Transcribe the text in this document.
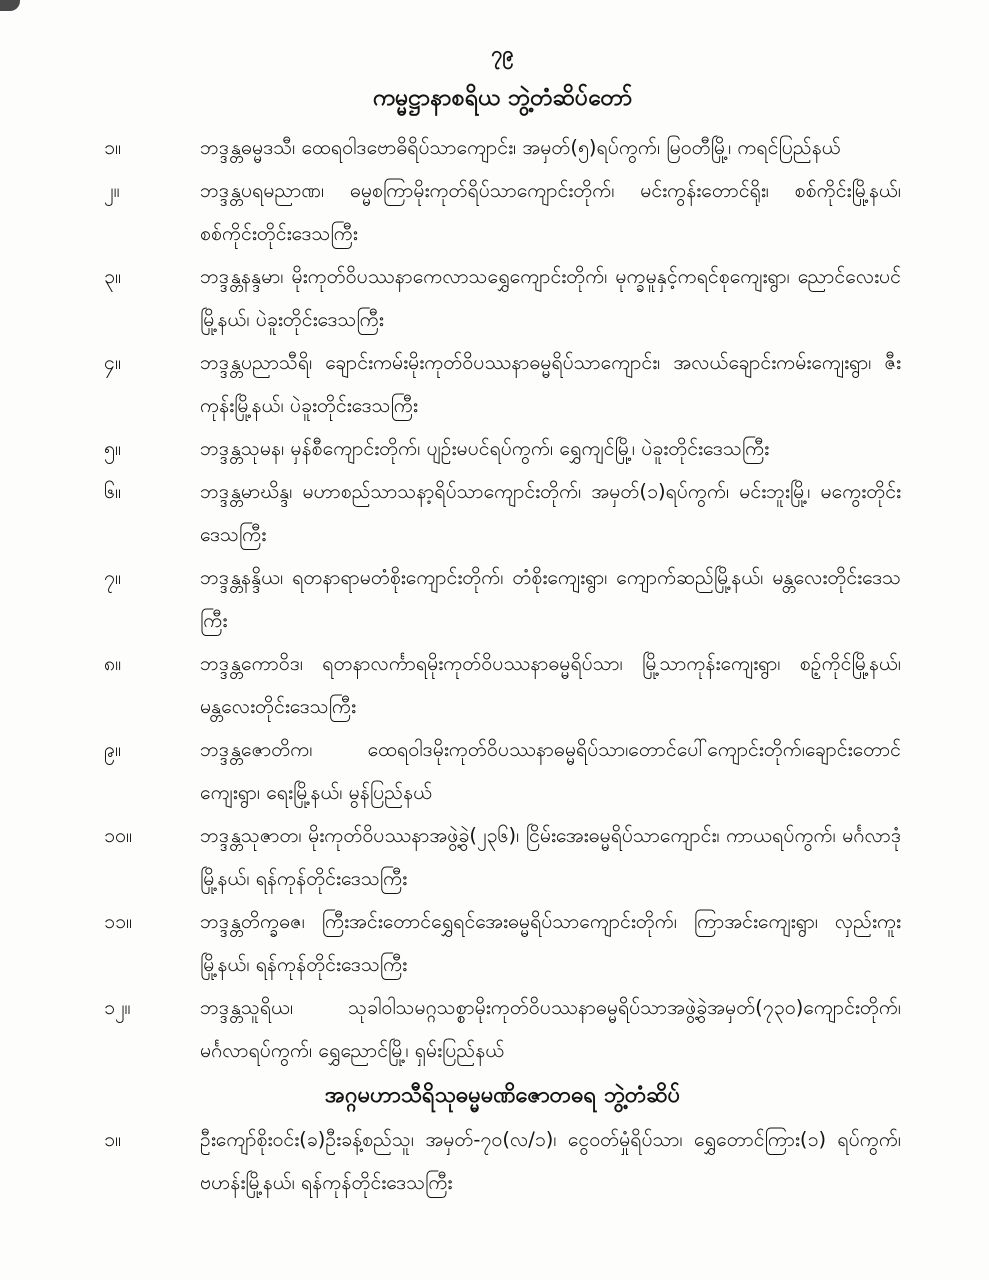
၇၉
ကမ္မဋ္ဌာနာစရိယ ဘွဲ့တံဆိပ်တော်
၁။	ဘဒ္ဒန္တဓမ္မဒသီ၊ ထေရဝါဒဗောဓိရိပ်သာကျောင်း၊ အမှတ်(၅)ရပ်ကွက်၊ မြဝတီမြို့၊ ကရင်ပြည်နယ်
၂။	ဘဒ္ဒန္တပရမညာဏ၊ ဓမ္မစကြာမိုးကုတ်ရိပ်သာကျောင်းတိုက်၊ မင်းကွန်းတောင်ရိုး၊ စစ်ကိုင်းမြို့နယ်၊ စစ်ကိုင်းတိုင်းဒေသကြီး
၃။	ဘဒ္ဒန္တနန္ဒမာ၊ မိုးကုတ်ဝိပဿနာကေလာသရွှေကျောင်းတိုက်၊ မုက္ခမူနှင့်ကရင်စုကျေးရွာ၊ ညောင်လေးပင်မြို့နယ်၊ ပဲခူးတိုင်းဒေသကြီး
၄။	ဘဒ္ဒန္တပညာသီရိ၊ ချောင်းကမ်းမိုးကုတ်ဝိပဿနာဓမ္မရိပ်သာကျောင်း၊ အလယ်ချောင်းကမ်းကျေးရွာ၊ ဇီးကုန်းမြို့နယ်၊ ပဲခူးတိုင်းဒေသကြီး
၅။	ဘဒ္ဒန္တသုမန၊ မှန်စီကျောင်းတိုက်၊ ပျဉ်းမပင်ရပ်ကွက်၊ ရွှေကျင်မြို့၊ ပဲခူးတိုင်းဒေသကြီး
၆။	ဘဒ္ဒန္တမာဃိန္ဒ၊ မဟာစည်သာသနာ့ရိပ်သာကျောင်းတိုက်၊ အမှတ်(၁)ရပ်ကွက်၊ မင်းဘူးမြို့၊ မကွေးတိုင်းဒေသကြီး
၇။	ဘဒ္ဒန္တနန္ဒိယ၊ ရတနာရာမတံစိုးကျောင်းတိုက်၊ တံစိုးကျေးရွာ၊ ကျောက်ဆည်မြို့နယ်၊ မန္တလေးတိုင်းဒေသကြီး
၈။	ဘဒ္ဒန္တကောဝိဒ၊ ရတနာလင်္ကာရမိုးကုတ်ဝိပဿနာဓမ္မရိပ်သာ၊ မြို့သာကုန်းကျေးရွာ၊ စဉ့်ကိုင်မြို့နယ်၊ မန္တလေးတိုင်းဒေသကြီး
၉။	ဘဒ္ဒန္တဇောတိက၊ ထေရဝါဒမိုးကုတ်ဝိပဿနာဓမ္မရိပ်သာ၊တောင်ပေါ်ကျောင်းတိုက်၊ချောင်းတောင် ကျေးရွာ၊ ရေးမြို့နယ်၊ မွန်ပြည်နယ်
၁၀။	ဘဒ္ဒန္တသုဇာတ၊ မိုးကုတ်ဝိပဿနာအဖွဲ့ခွဲ(၂၃၆)၊ ငြိမ်းအေးဓမ္မရိပ်သာကျောင်း၊ ကာယရပ်ကွက်၊ မင်္ဂလာဒုံမြို့နယ်၊ ရန်ကုန်တိုင်းဒေသကြီး
၁၁။	ဘဒ္ဒန္တတိက္ခဓဇ၊ ကြီးအင်းတောင်ရွှေရင်အေးဓမ္မရိပ်သာကျောင်းတိုက်၊ ကြာအင်းကျေးရွာ၊ လှည်းကူးမြို့နယ်၊ ရန်ကုန်တိုင်းဒေသကြီး
၁၂။	ဘဒ္ဒန္တသူရိယ၊ သုခါဝါသမဂ္ဂသစ္စာမိုးကုတ်ဝိပဿနာဓမ္မရိပ်သာအဖွဲ့ခွဲအမှတ်(၇၃၀)ကျောင်းတိုက်၊ မင်္ဂလာရပ်ကွက်၊ ရွှေညောင်မြို့၊ ရှမ်းပြည်နယ်
အဂ္ဂမဟာသီရိသုဓမ္မမဏိဇောတဓရ ဘွဲ့တံဆိပ်
၁။	ဦးကျော်စိုးဝင်း(ခ)ဦးခန့်စည်သူ၊ အမှတ်-၇၀(လ/၁)၊ ငွေဝတ်မှုံရိပ်သာ၊ ရွှေတောင်ကြား(၁) ရပ်ကွက်၊ ဗဟန်းမြို့နယ်၊ ရန်ကုန်တိုင်းဒေသကြီး
